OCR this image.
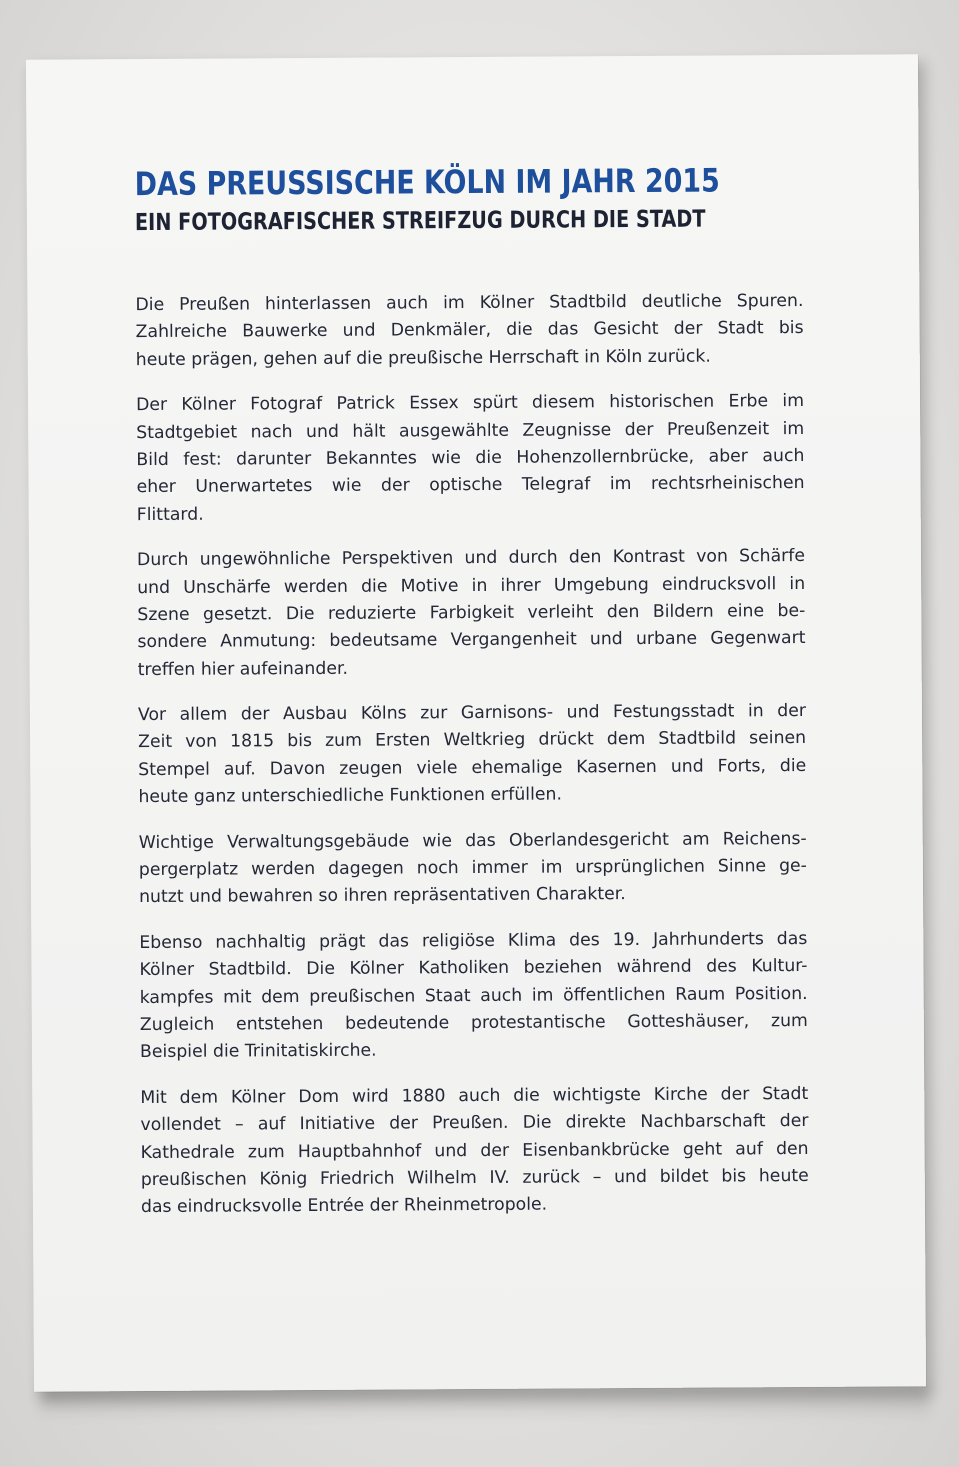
DAS PREUSSISCHE KÖLN IM JAHR 2015
EIN FOTOGRAFISCHER STREIFZUG DURCH DIE STADT

Die Preußen hinterlassen auch im Kölner Stadtbild deutliche Spuren.
Zahlreiche Bauwerke und Denkmäler, die das Gesicht der Stadt bis
heute prägen, gehen auf die preußische Herrschaft in Köln zurück.

Der Kölner Fotograf Patrick Essex spürt diesem historischen Erbe im
Stadtgebiet nach und hält ausgewählte Zeugnisse der Preußenzeit im
Bild fest: darunter Bekanntes wie die Hohenzollernbrücke, aber auch
eher Unerwartetes wie der optische Telegraf im rechtsrheinischen
Flittard.

Durch ungewöhnliche Perspektiven und durch den Kontrast von Schärfe
und Unschärfe werden die Motive in ihrer Umgebung eindrucksvoll in
Szene gesetzt. Die reduzierte Farbigkeit verleiht den Bildern eine be-
sondere Anmutung: bedeutsame Vergangenheit und urbane Gegenwart
treffen hier aufeinander.

Vor allem der Ausbau Kölns zur Garnisons- und Festungsstadt in der
Zeit von 1815 bis zum Ersten Weltkrieg drückt dem Stadtbild seinen
Stempel auf. Davon zeugen viele ehemalige Kasernen und Forts, die
heute ganz unterschiedliche Funktionen erfüllen.

Wichtige Verwaltungsgebäude wie das Oberlandesgericht am Reichens-
pergerplatz werden dagegen noch immer im ursprünglichen Sinne ge-
nutzt und bewahren so ihren repräsentativen Charakter.

Ebenso nachhaltig prägt das religiöse Klima des 19. Jahrhunderts das
Kölner Stadtbild. Die Kölner Katholiken beziehen während des Kultur-
kampfes mit dem preußischen Staat auch im öffentlichen Raum Position.
Zugleich entstehen bedeutende protestantische Gotteshäuser, zum
Beispiel die Trinitatiskirche.

Mit dem Kölner Dom wird 1880 auch die wichtigste Kirche der Stadt
vollendet – auf Initiative der Preußen. Die direkte Nachbarschaft der
Kathedrale zum Hauptbahnhof und der Eisenbankbrücke geht auf den
preußischen König Friedrich Wilhelm IV. zurück – und bildet bis heute
das eindrucksvolle Entrée der Rheinmetropole.
